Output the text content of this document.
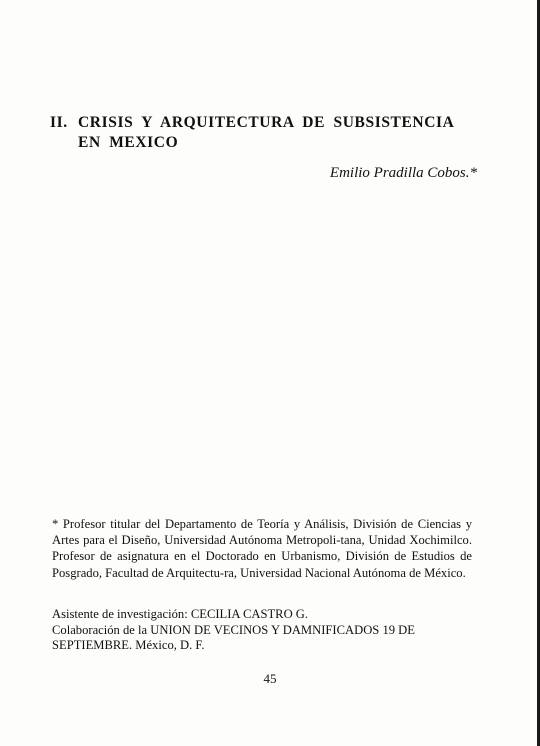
II. CRISIS Y ARQUITECTURA DE SUBSISTENCIA EN MEXICO
Emilio Pradilla Cobos.*
* Profesor titular del Departamento de Teoría y Análisis, División de Ciencias y Artes para el Diseño, Universidad Autónoma Metropoli-tana, Unidad Xochimilco. Profesor de asignatura en el Doctorado en Urbanismo, División de Estudios de Posgrado, Facultad de Arquitectu-ra, Universidad Nacional Autónoma de México.

Asistente de investigación: CECILIA CASTRO G.

Colaboración de la UNION DE VECINOS Y DAMNIFICADOS 19 DE SEPTIEMBRE. México, D. F.

45
